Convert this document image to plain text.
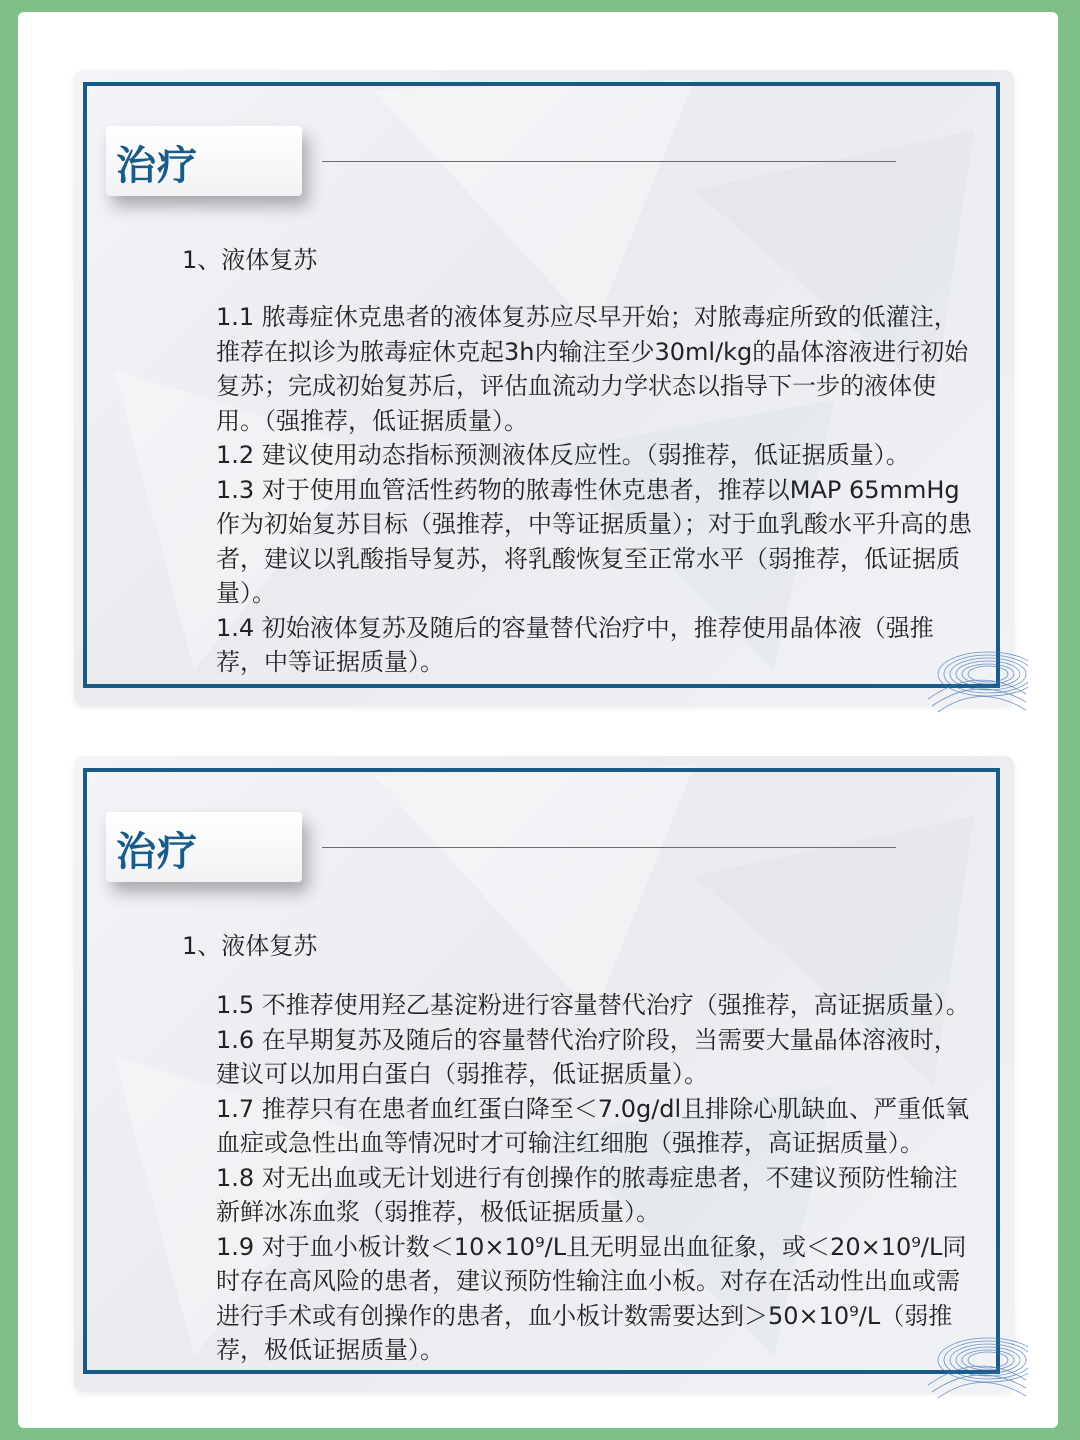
治疗
1、液体复苏

1.1 脓毒症休克患者的液体复苏应尽早开始；对脓毒症所致的低灌注，推荐在拟诊为脓毒症休克起3h内输注至少30ml/kg的晶体溶液进行初始复苏；完成初始复苏后，评估血流动力学状态以指导下一步的液体使用。（强推荐，低证据质量）。

1.2 建议使用动态指标预测液体反应性。（弱推荐，低证据质量）。

1.3 对于使用血管活性药物的脓毒性休克患者，推荐以MAP 65mmHg 作为初始复苏目标（强推荐，中等证据质量）；对于血乳酸水平升高的患者，建议以乳酸指导复苏，将乳酸恢复至正常水平（弱推荐，低证据质量）。

1.4 初始液体复苏及随后的容量替代治疗中，推荐使用晶体液（强推荐，中等证据质量）。

治疗
1、液体复苏

1.5 不推荐使用羟乙基淀粉进行容量替代治疗（强推荐，高证据质量）。

1.6 在早期复苏及随后的容量替代治疗阶段，当需要大量晶体溶液时，建议可以加用白蛋白（弱推荐，低证据质量）。

1.7 推荐只有在患者血红蛋白降至＜7.0g/dl且排除心肌缺血、严重低氧血症或急性出血等情况时才可输注红细胞（强推荐，高证据质量）。

1.8 对无出血或无计划进行有创操作的脓毒症患者，不建议预防性输注新鲜冰冻血浆（弱推荐，极低证据质量）。

1.9 对于血小板计数＜10×10⁹/L且无明显出血征象，或＜20×10⁹/L同时存在高风险的患者，建议预防性输注血小板。对存在活动性出血或需进行手术或有创操作的患者，血小板计数需要达到＞50×10⁹/L（弱推荐，极低证据质量）。
